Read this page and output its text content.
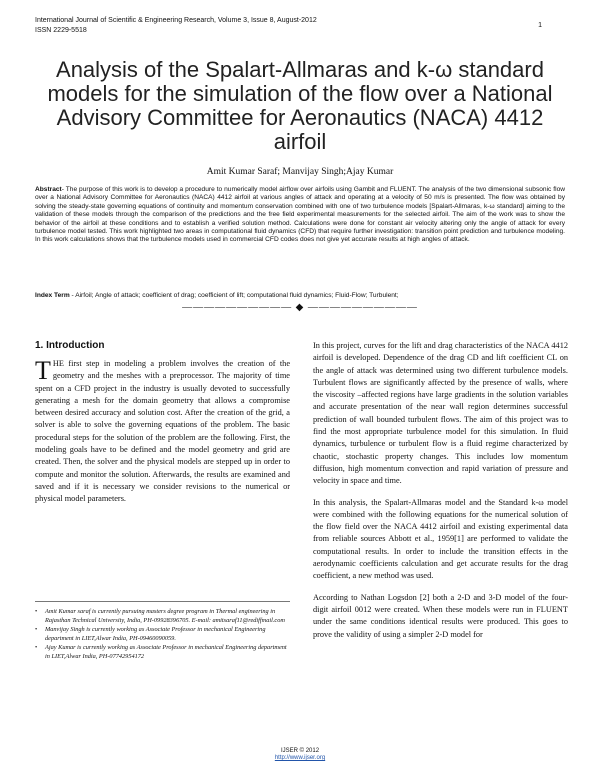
International Journal of Scientific & Engineering Research, Volume 3, Issue 8, August-2012
ISSN 2229-5518
1
Analysis of the Spalart-Allmaras and k-ω standard models for the simulation of the flow over a National Advisory Committee for Aeronautics (NACA) 4412 airfoil
Amit Kumar Saraf; Manvijay Singh;Ajay Kumar
Abstract- The purpose of this work is to develop a procedure to numerically model airflow over airfoils using Gambit and FLUENT. The analysis of the two dimensional subsonic flow over a National Advisory Committee for Aeronautics (NACA) 4412 airfoil at various angles of attack and operating at a velocity of 50 m/s is presented. The flow was obtained by solving the steady-state governing equations of continuity and momentum conservation combined with one of two turbulence models [Spalart-Allmaras, k-ω standard] aiming to the validation of these models through the comparison of the predictions and the free field experimental measurements for the selected airfoil. The aim of the work was to show the behavior of the airfoil at these conditions and to establish a verified solution method. Calculations were done for constant air velocity altering only the angle of attack for every turbulence model tested. This work highlighted two areas in computational fluid dynamics (CFD) that require further investigation: transition point prediction and turbulence modeling. In this work calculations shows that the turbulence models used in commercial CFD codes does not give yet accurate results at high angles of attack.
Index Term - Airfoil; Angle of attack; coefficient of drag; coefficient of lift; computational fluid dynamics; Fluid-Flow; Turbulent;
—————————— ◆ ——————————
1. Introduction

THE first step in modeling a problem involves the creation of the geometry and the meshes with a preprocessor. The majority of time spent on a CFD project in the industry is usually devoted to successfully generating a mesh for the domain geometry that allows a compromise between desired accuracy and solution cost. After the creation of the grid, a solver is able to solve the governing equations of the problem. The basic procedural steps for the solution of the problem are the following. First, the modeling goals have to be defined and the model geometry and grid are created. Then, the solver and the physical models are stepped up in order to compute and monitor the solution. Afterwards, the results are examined and saved and if it is necessary we consider revisions to the numerical or physical model parameters.

In this project, curves for the lift and drag characteristics of the NACA 4412 airfoil is developed. Dependence of the drag CD and lift coefficient CL on the angle of attack was determined using two different turbulence models. Turbulent flows are significantly affected by the presence of walls, where the viscosity –affected regions have large gradients in the solution variables and accurate presentation of the near wall region determines successful prediction of wall bounded turbulent flows. The aim of this project was to find the most appropriate turbulence model for this simulation. In fluid dynamics, turbulence or turbulent flow is a fluid regime characterized by chaotic, stochastic property changes. This includes low momentum diffusion, high momentum convection and rapid variation of pressure and velocity in space and time.

In this analysis, the Spalart-Allmaras model and the Standard k-ω model were combined with the following equations for the numerical solution of the flow field over the NACA 4412 airfoil and existing experimental data from reliable sources Abbott et al., 1959[1] are performed to validate the computational results. In order to include the transition effects in the aerodynamic coefficients calculation and get accurate results for the drag coefficient, a new method was used.

According to Nathan Logsdon [2] both a 2-D and 3-D model of the four-digit airfoil 0012 were created. When these models were run in FLUENT under the same conditions identical results were produced. This goes to prove the validity of using a simpler 2-D model for

• Amit Kumar saraf is currently pursuing masters degree program in Thermal engineering in Rajasthan Technical University, India, PH-09928396705. E-mail: amitsaraf11@rediffmail.com
• Manvijay Singh is currently working as Associate Professor in mechanical Engineering department in LIET,Alwar India, PH-09460090059.
• Ajay Kumar is currently working as Associate Professor in mechanical Engineering department in LIET,Alwar India, PH-07742954172
IJSER © 2012
http://www.ijser.org
